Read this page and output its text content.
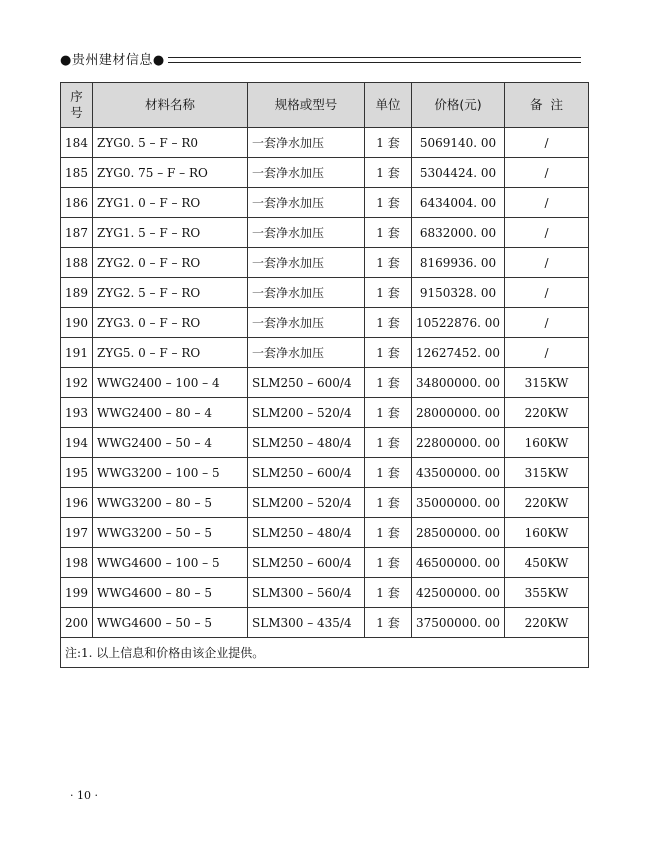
●贵州建材信息●
序号	材料名称	规格或型号	单位	价格(元)	备  注
184	ZYG0. 5 – F – R0	一套净水加压	1 套	5069140. 00	/
185	ZYG0. 75 – F – RO	一套净水加压	1 套	5304424. 00	/
186	ZYG1. 0 – F – RO	一套净水加压	1 套	6434004. 00	/
187	ZYG1. 5 – F – RO	一套净水加压	1 套	6832000. 00	/
188	ZYG2. 0 – F – RO	一套净水加压	1 套	8169936. 00	/
189	ZYG2. 5 – F – RO	一套净水加压	1 套	9150328. 00	/
190	ZYG3. 0 – F – RO	一套净水加压	1 套	10522876. 00	/
191	ZYG5. 0 – F – RO	一套净水加压	1 套	12627452. 00	/
192	WWG2400 – 100 – 4	SLM250 – 600/4	1 套	34800000. 00	315KW
193	WWG2400 – 80 – 4	SLM200 – 520/4	1 套	28000000. 00	220KW
194	WWG2400 – 50 – 4	SLM250 – 480/4	1 套	22800000. 00	160KW
195	WWG3200 – 100 – 5	SLM250 – 600/4	1 套	43500000. 00	315KW
196	WWG3200 – 80 – 5	SLM200 – 520/4	1 套	35000000. 00	220KW
197	WWG3200 – 50 – 5	SLM250 – 480/4	1 套	28500000. 00	160KW
198	WWG4600 – 100 – 5	SLM250 – 600/4	1 套	46500000. 00	450KW
199	WWG4600 – 80 – 5	SLM300 – 560/4	1 套	42500000. 00	355KW
200	WWG4600 – 50 – 5	SLM300 – 435/4	1 套	37500000. 00	220KW
注:1. 以上信息和价格由该企业提供。					
· 10 ·
